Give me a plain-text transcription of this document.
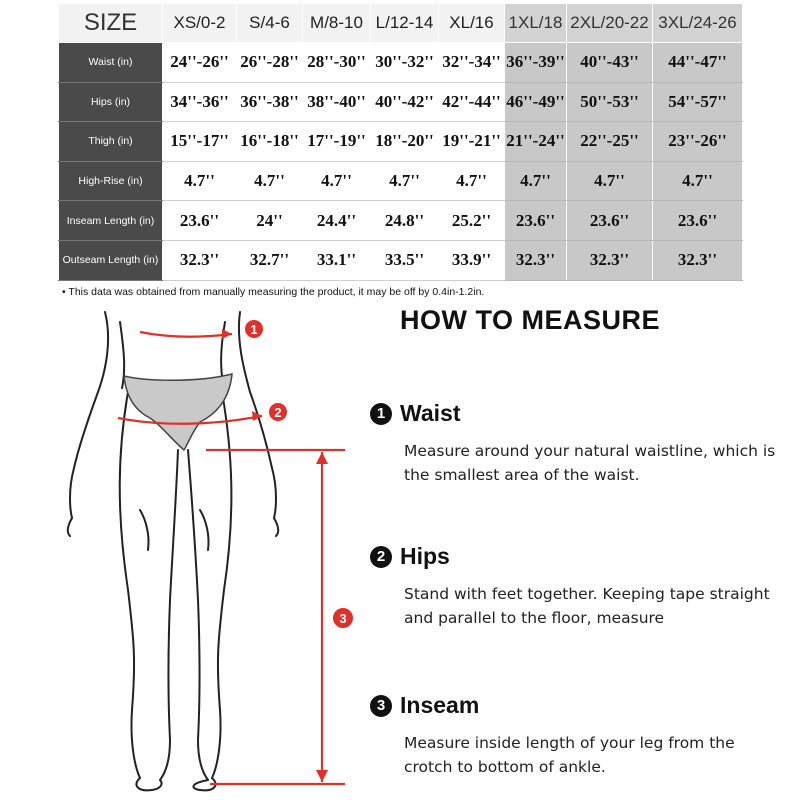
SIZE	XS/0-2	S/4-6	M/8-10	L/12-14	XL/16	1XL/18	2XL/20-22	3XL/24-26
Waist (in)	24''-26''	26''-28''	28''-30''	30''-32''	32''-34''	36''-39''	40''-43''	44''-47''
Hips (in)	34''-36''	36''-38''	38''-40''	40''-42''	42''-44''	46''-49''	50''-53''	54''-57''
Thigh (in)	15''-17''	16''-18''	17''-19''	18''-20''	19''-21''	21''-24''	22''-25''	23''-26''
High-Rise (in)	4.7''	4.7''	4.7''	4.7''	4.7''	4.7''	4.7''	4.7''
Inseam Length (in)	23.6''	24''	24.4''	24.8''	25.2''	23.6''	23.6''	23.6''
Outseam Length (in)	32.3''	32.7''	33.1''	33.5''	33.9''	32.3''	32.3''	32.3''
• This data was obtained from manually measuring the product, it may be off by 0.4in-1.2in.
1
2
3
HOW TO MEASURE
1 Waist

Measure around your natural waistline, which is the smallest area of the waist.

2 Hips

Stand with feet together. Keeping tape straight and parallel to the floor, measure

3 Inseam

Measure inside length of your leg from the crotch to bottom of ankle.
